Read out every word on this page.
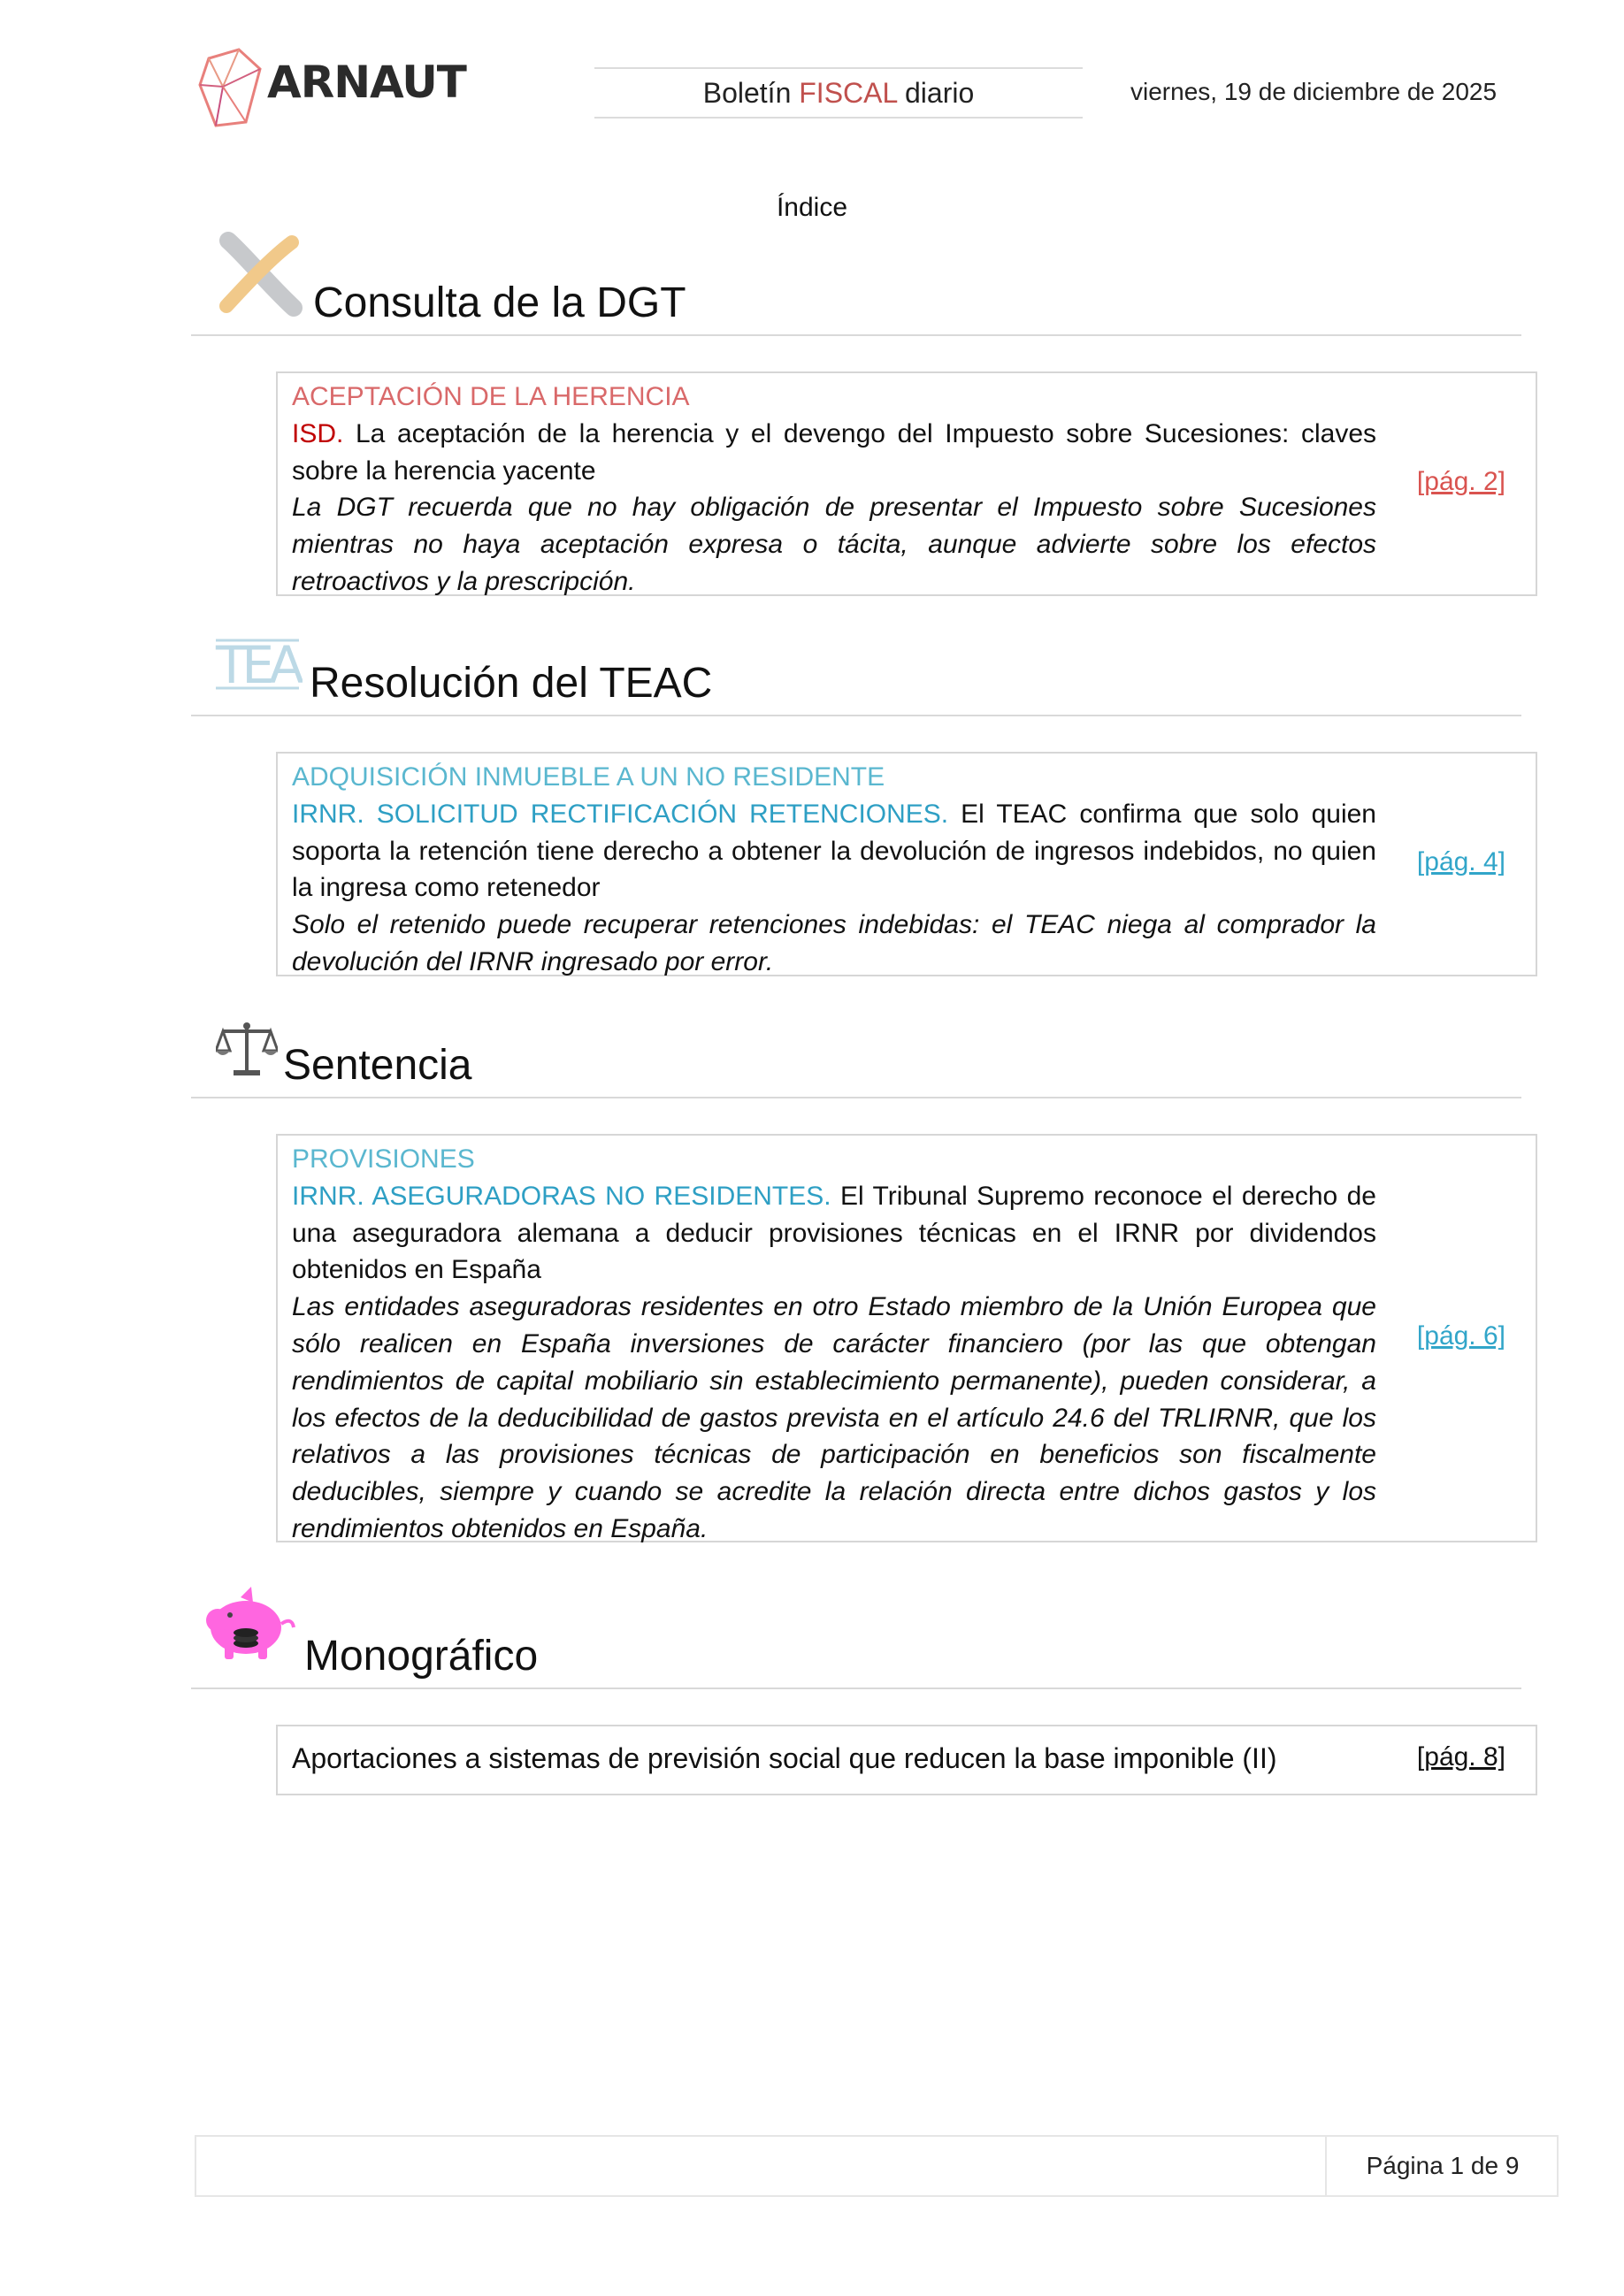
ARNAUT	Boletín FISCAL diario	viernes, 19 de diciembre de 2025
Índice
Consulta de la DGT
ACEPTACIÓN DE LA HERENCIA
ISD. La aceptación de la herencia y el devengo del Impuesto sobre Sucesiones: claves sobre la herencia yacente
La DGT recuerda que no hay obligación de presentar el Impuesto sobre Sucesiones mientras no haya aceptación expresa o tácita, aunque advierte sobre los efectos retroactivos y la prescripción.
[pág. 2]
TEA Resolución del TEAC
ADQUISICIÓN INMUEBLE A UN NO RESIDENTE
IRNR. SOLICITUD RECTIFICACIÓN RETENCIONES. El TEAC confirma que solo quien soporta la retención tiene derecho a obtener la devolución de ingresos indebidos, no quien la ingresa como retenedor
Solo el retenido puede recuperar retenciones indebidas: el TEAC niega al comprador la devolución del IRNR ingresado por error.
[pág. 4]
Sentencia
PROVISIONES
IRNR. ASEGURADORAS NO RESIDENTES. El Tribunal Supremo reconoce el derecho de una aseguradora alemana a deducir provisiones técnicas en el IRNR por dividendos obtenidos en España
Las entidades aseguradoras residentes en otro Estado miembro de la Unión Europea que sólo realicen en España inversiones de carácter financiero (por las que obtengan rendimientos de capital mobiliario sin establecimiento permanente), pueden considerar, a los efectos de la deducibilidad de gastos prevista en el artículo 24.6 del TRLIRNR, que los relativos a las provisiones técnicas de participación en beneficios son fiscalmente deducibles, siempre y cuando se acredite la relación directa entre dichos gastos y los rendimientos obtenidos en España.
[pág. 6]
Monográfico
Aportaciones a sistemas de previsión social que reducen la base imponible (II)	[pág. 8]
Página 1 de 9
